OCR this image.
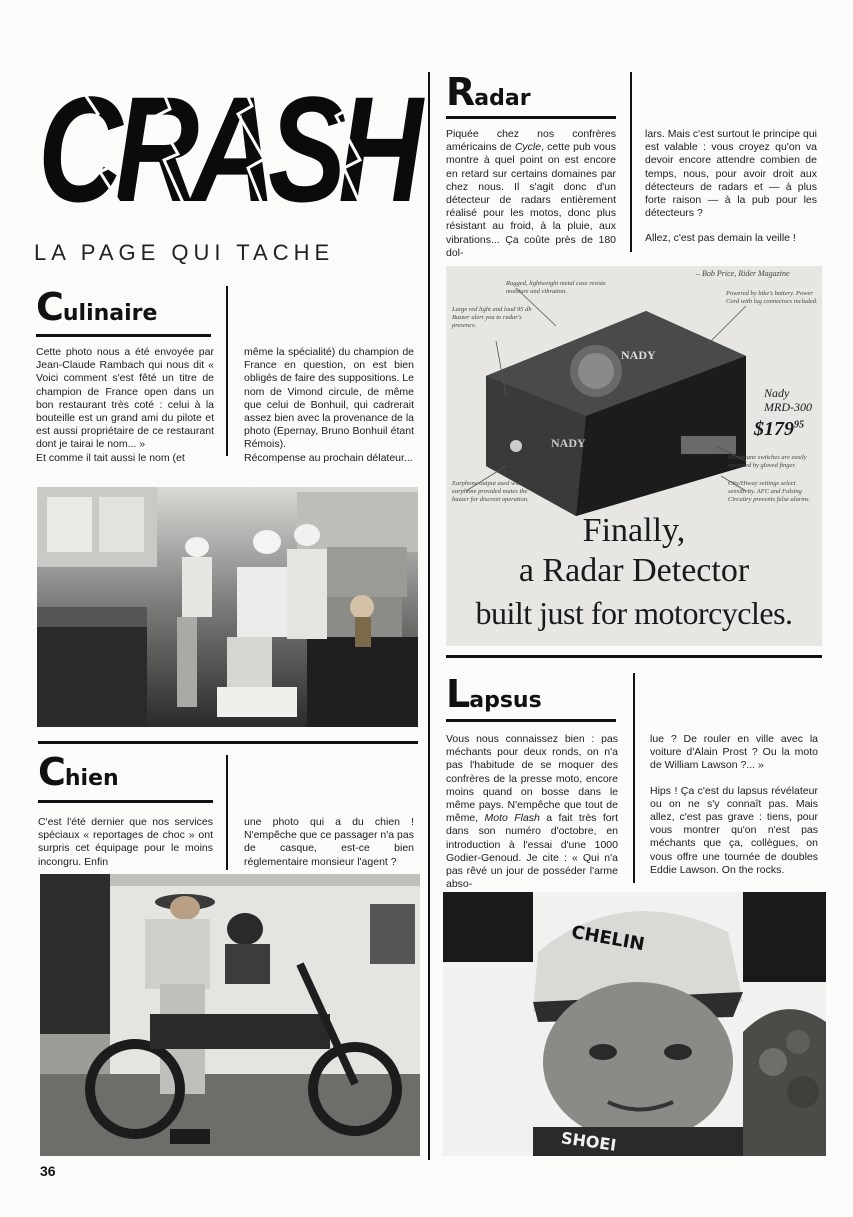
CRASH
LA PAGE QUI TACHE
Culinaire

Cette photo nous a été envoyée par Jean-Claude Rambach qui nous dit « Voici comment s'est fêté un titre de champion de France open dans un bon restaurant très coté : celui à la bouteille est un grand ami du pilote et est aussi propriétaire de ce restaurant dont je tairai le nom... »

Et comme il tait aussi le nom (et

même la spécialité) du champion de France en question, on est bien obligés de faire des suppositions. Le nom de Vimond circule, de même que celui de Bonhuil, qui cadrerait assez bien avec la provenance de la photo (Epernay, Bruno Bonhuil étant Rémois).

Récompense au prochain délateur...

Chien

C'est l'été dernier que nos services spéciaux « reportages de choc » ont surpris cet équipage pour le moins incongru. Enfin

une photo qui a du chien ! N'empêche que ce passager n'a pas de casque, est-ce bien réglementaire monsieur l'agent ?

Radar

Piquée chez nos confrères américains de Cycle, cette pub vous montre à quel point on est encore en retard sur certains domaines par chez nous. Il s'agit donc d'un détecteur de radars entièrement réalisé pour les motos, donc plus résistant au froid, à la pluie, aux vibrations... Ça coûte près de 180 dol-

lars. Mais c'est surtout le principe qui est valable : vous croyez qu'on va devoir encore attendre combien de temps, nous, pour avoir droit aux détecteurs de radars et — à plus forte raison — à la pub pour les détecteurs ?

Allez, c'est pas demain la veille !

– Bob Price, Rider Magazine
Rugged, lightweight metal case resists moisture and vibration.
Large red light and loud 95 db Buzzer alert you to radar's presence.
Powered by bike's battery. Power Cord with lug connectors included.
Nady
MRD-300
$\$179^{95}$
NADY
NADY
Membrane switches are easily operated by gloved finger.
Earphone output used with earphone provided mutes the buzzer for discreet operation.
City/Hiway settings select sensitivity. AFC and Falsing Circuitry prevents false alarms.
Finally,
a Radar Detector
built just for motorcycles.
Lapsus

Vous nous connaissez bien : pas méchants pour deux ronds, on n'a pas l'habitude de se moquer des confrères de la presse moto, encore moins quand on bosse dans le même pays. N'empêche que tout de même, Moto Flash a fait très fort dans son numéro d'octobre, en introduction à l'essai d'une 1000 Godier-Genoud. Je cite : « Qui n'a pas rêvé un jour de posséder l'arme abso-

lue ? De rouler en ville avec la voiture d'Alain Prost ? Ou la moto de William Lawson ?... »

Hips ! Ça c'est du lapsus révélateur ou on ne s'y connaît pas. Mais allez, c'est pas grave : tiens, pour vous montrer qu'on n'est pas méchants que ça, collègues, on vous offre une tournée de doubles Eddie Lawson. On the rocks.

CHELIN
SHOEI
36
